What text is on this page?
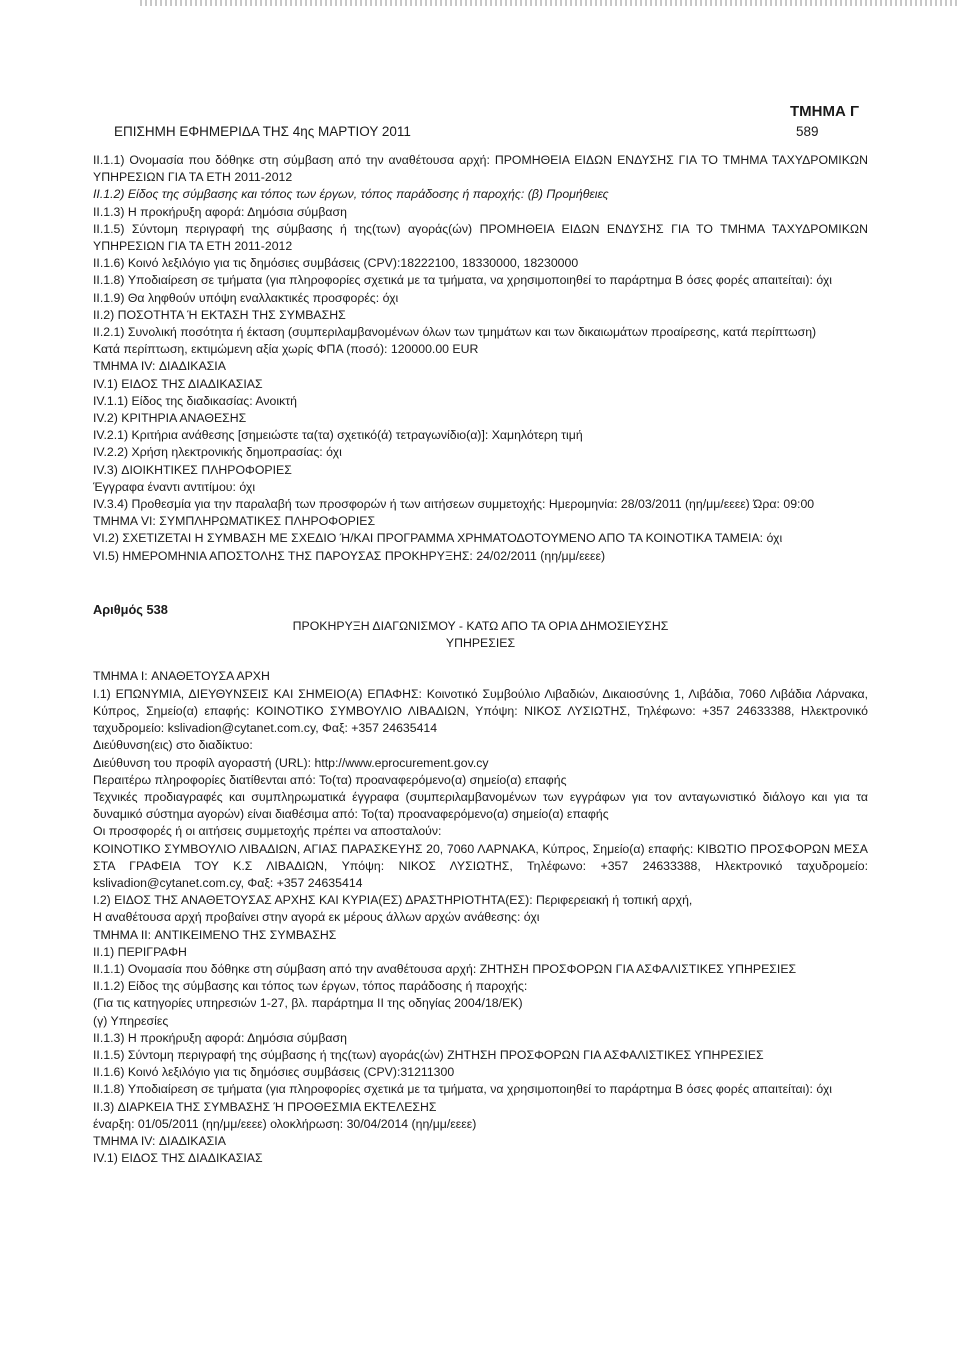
ΤΜΗΜΑ Γ
ΕΠΙΣΗΜΗ ΕΦΗΜΕΡΙΔΑ ΤΗΣ 4ης ΜΑΡΤΙΟΥ 2011	589

II.1.1) Ονομασία που δόθηκε στη σύμβαση από την αναθέτουσα αρχή: ΠΡΟΜΗΘΕΙΑ ΕΙΔΩΝ ΕΝΔΥΣΗΣ ΓΙΑ ΤΟ ΤΜΗΜΑ ΤΑΧΥΔΡΟΜΙΚΩΝ ΥΠΗΡΕΣΙΩΝ ΓΙΑ ΤΑ ΕΤΗ 2011-2012

II.1.2) Είδος της σύμβασης και τόπος των έργων, τόπος παράδοσης ή παροχής: (β) Προμήθειες

II.1.3) Η προκήρυξη αφορά: Δημόσια σύμβαση

II.1.5) Σύντομη περιγραφή της σύμβασης ή της(των) αγοράς(ών) ΠΡΟΜΗΘΕΙΑ ΕΙΔΩΝ ΕΝΔΥΣΗΣ ΓΙΑ ΤΟ ΤΜΗΜΑ ΤΑΧΥΔΡΟΜΙΚΩΝ ΥΠΗΡΕΣΙΩΝ ΓΙΑ ΤΑ ΕΤΗ 2011-2012

II.1.6) Κοινό λεξιλόγιο για τις δημόσιες συμβάσεις (CPV):18222100, 18330000, 18230000

II.1.8) Υποδιαίρεση σε τμήματα (για πληροφορίες σχετικά με τα τμήματα, να χρησιμοποιηθεί το παράρτημα Β όσες φορές απαιτείται): όχι

II.1.9) Θα ληφθούν υπόψη εναλλακτικές προσφορές: όχι

II.2) ΠΟΣΟΤΗΤΑ Ή ΕΚΤΑΣΗ ΤΗΣ ΣΥΜΒΑΣΗΣ

II.2.1) Συνολική ποσότητα ή έκταση (συμπεριλαμβανομένων όλων των τμημάτων και των δικαιωμάτων προαίρεσης, κατά περίπτωση)

Κατά περίπτωση, εκτιμώμενη αξία χωρίς ΦΠΑ (ποσό): 120000.00 EUR

ΤΜΗΜΑ IV: ΔΙΑΔΙΚΑΣΙΑ

IV.1) ΕΙΔΟΣ ΤΗΣ ΔΙΑΔΙΚΑΣΙΑΣ

IV.1.1) Είδος της διαδικασίας: Ανοικτή

IV.2) ΚΡΙΤΗΡΙΑ ΑΝΑΘΕΣΗΣ

IV.2.1) Κριτήρια ανάθεσης [σημειώστε τα(τα) σχετικό(ά) τετραγωνίδιο(α)]: Χαμηλότερη τιμή

IV.2.2) Χρήση ηλεκτρονικής δημοπρασίας: όχι

IV.3) ΔΙΟΙΚΗΤΙΚΕΣ ΠΛΗΡΟΦΟΡΙΕΣ

Έγγραφα έναντι αντιτίμου: όχι

IV.3.4) Προθεσμία για την παραλαβή των προσφορών ή των αιτήσεων συμμετοχής: Ημερομηνία: 28/03/2011 (ηη/μμ/εεεε) Ώρα: 09:00

ΤΜΗΜΑ VI: ΣΥΜΠΛΗΡΩΜΑΤΙΚΕΣ ΠΛΗΡΟΦΟΡΙΕΣ

VI.2) ΣΧΕΤΙΖΕΤΑΙ Η ΣΥΜΒΑΣΗ ΜΕ ΣΧΕΔΙΟ Ή/ΚΑΙ ΠΡΟΓΡΑΜΜΑ ΧΡΗΜΑΤΟΔΟΤΟΥΜΕΝΟ ΑΠΟ ΤΑ ΚΟΙΝΟΤΙΚΑ ΤΑΜΕΙΑ: όχι

VI.5) ΗΜΕΡΟΜΗΝΙΑ ΑΠΟΣΤΟΛΗΣ ΤΗΣ ΠΑΡΟΥΣΑΣ ΠΡΟΚΗΡΥΞΗΣ: 24/02/2011 (ηη/μμ/εεεε)

Αριθμός 538

ΠΡΟΚΗΡΥΞΗ ΔΙΑΓΩΝΙΣΜΟΥ - ΚΑΤΩ ΑΠΟ ΤΑ ΟΡΙΑ ΔΗΜΟΣΙΕΥΣΗΣ

ΥΠΗΡΕΣΙΕΣ

ΤΜΗΜΑ I: ΑΝΑΘΕΤΟΥΣΑ ΑΡΧΗ

I.1) ΕΠΩΝΥΜΙΑ, ΔΙΕΥΘΥΝΣΕΙΣ ΚΑΙ ΣΗΜΕΙΟ(Α) ΕΠΑΦΗΣ: Κοινοτικό Συμβούλιο Λιβαδιών, Δικαιοσύνης 1, Λιβάδια, 7060 Λιβάδια Λάρνακα, Κύπρος, Σημείο(α) επαφής: ΚΟΙΝΟΤΙΚΟ ΣΥΜΒΟΥΛΙΟ ΛΙΒΑΔΙΩΝ, Υπόψη: ΝΙΚΟΣ ΛΥΣΙΩΤΗΣ, Τηλέφωνο: +357 24633388, Ηλεκτρονικό ταχυδρομείο: kslivadion@cytanet.com.cy, Φαξ: +357 24635414

Διεύθυνση(εις) στο διαδίκτυο:

Διεύθυνση του προφίλ αγοραστή (URL): http://www.eprocurement.gov.cy

Περαιτέρω πληροφορίες διατίθενται από: Το(τα) προαναφερόμενο(α) σημείο(α) επαφής

Τεχνικές προδιαγραφές και συμπληρωματικά έγγραφα (συμπεριλαμβανομένων των εγγράφων για τον ανταγωνιστικό διάλογο και για τα δυναμικό σύστημα αγορών) είναι διαθέσιμα από: Το(τα) προαναφερόμενο(α) σημείο(α) επαφής

Οι προσφορές ή οι αιτήσεις συμμετοχής πρέπει να αποσταλούν:

ΚΟΙΝΟΤΙΚΟ ΣΥΜΒΟΥΛΙΟ ΛΙΒΑΔΙΩΝ, ΑΓΙΑΣ ΠΑΡΑΣΚΕΥΗΣ 20, 7060 ΛΑΡΝΑΚΑ, Κύπρος, Σημείο(α) επαφής: ΚΙΒΩΤΙΟ ΠΡΟΣΦΟΡΩΝ ΜΕΣΑ ΣΤΑ ΓΡΑΦΕΙΑ ΤΟΥ Κ.Σ ΛΙΒΑΔΙΩΝ, Υπόψη: ΝΙΚΟΣ ΛΥΣΙΩΤΗΣ, Τηλέφωνο: +357 24633388, Ηλεκτρονικό ταχυδρομείο: kslivadion@cytanet.com.cy, Φαξ: +357 24635414

I.2) ΕΙΔΟΣ ΤΗΣ ΑΝΑΘΕΤΟΥΣΑΣ ΑΡΧΗΣ ΚΑΙ ΚΥΡΙΑ(ΕΣ) ΔΡΑΣΤΗΡΙΟΤΗΤΑ(ΕΣ): Περιφερειακή ή τοπική αρχή,

Η αναθέτουσα αρχή προβαίνει στην αγορά εκ μέρους άλλων αρχών ανάθεσης: όχι

ΤΜΗΜΑ II: ΑΝΤΙΚΕΙΜΕΝΟ ΤΗΣ ΣΥΜΒΑΣΗΣ

II.1) ΠΕΡΙΓΡΑΦΗ

II.1.1) Ονομασία που δόθηκε στη σύμβαση από την αναθέτουσα αρχή: ΖΗΤΗΣΗ ΠΡΟΣΦΟΡΩΝ ΓΙΑ ΑΣΦΑΛΙΣΤΙΚΕΣ ΥΠΗΡΕΣΙΕΣ

II.1.2) Είδος της σύμβασης και τόπος των έργων, τόπος παράδοσης ή παροχής:

(Για τις κατηγορίες υπηρεσιών 1-27, βλ. παράρτημα II της οδηγίας 2004/18/ΕΚ)

(γ) Υπηρεσίες

II.1.3) Η προκήρυξη αφορά: Δημόσια σύμβαση

II.1.5) Σύντομη περιγραφή της σύμβασης ή της(των) αγοράς(ών) ΖΗΤΗΣΗ ΠΡΟΣΦΟΡΩΝ ΓΙΑ ΑΣΦΑΛΙΣΤΙΚΕΣ ΥΠΗΡΕΣΙΕΣ

II.1.6) Κοινό λεξιλόγιο για τις δημόσιες συμβάσεις (CPV):31211300

II.1.8) Υποδιαίρεση σε τμήματα (για πληροφορίες σχετικά με τα τμήματα, να χρησιμοποιηθεί το παράρτημα Β όσες φορές απαιτείται): όχι

II.3) ΔΙΑΡΚΕΙΑ ΤΗΣ ΣΥΜΒΑΣΗΣ Ή ΠΡΟΘΕΣΜΙΑ ΕΚΤΕΛΕΣΗΣ

έναρξη: 01/05/2011 (ηη/μμ/εεεε) ολοκλήρωση: 30/04/2014 (ηη/μμ/εεεε)

ΤΜΗΜΑ IV: ΔΙΑΔΙΚΑΣΙΑ

IV.1) ΕΙΔΟΣ ΤΗΣ ΔΙΑΔΙΚΑΣΙΑΣ
